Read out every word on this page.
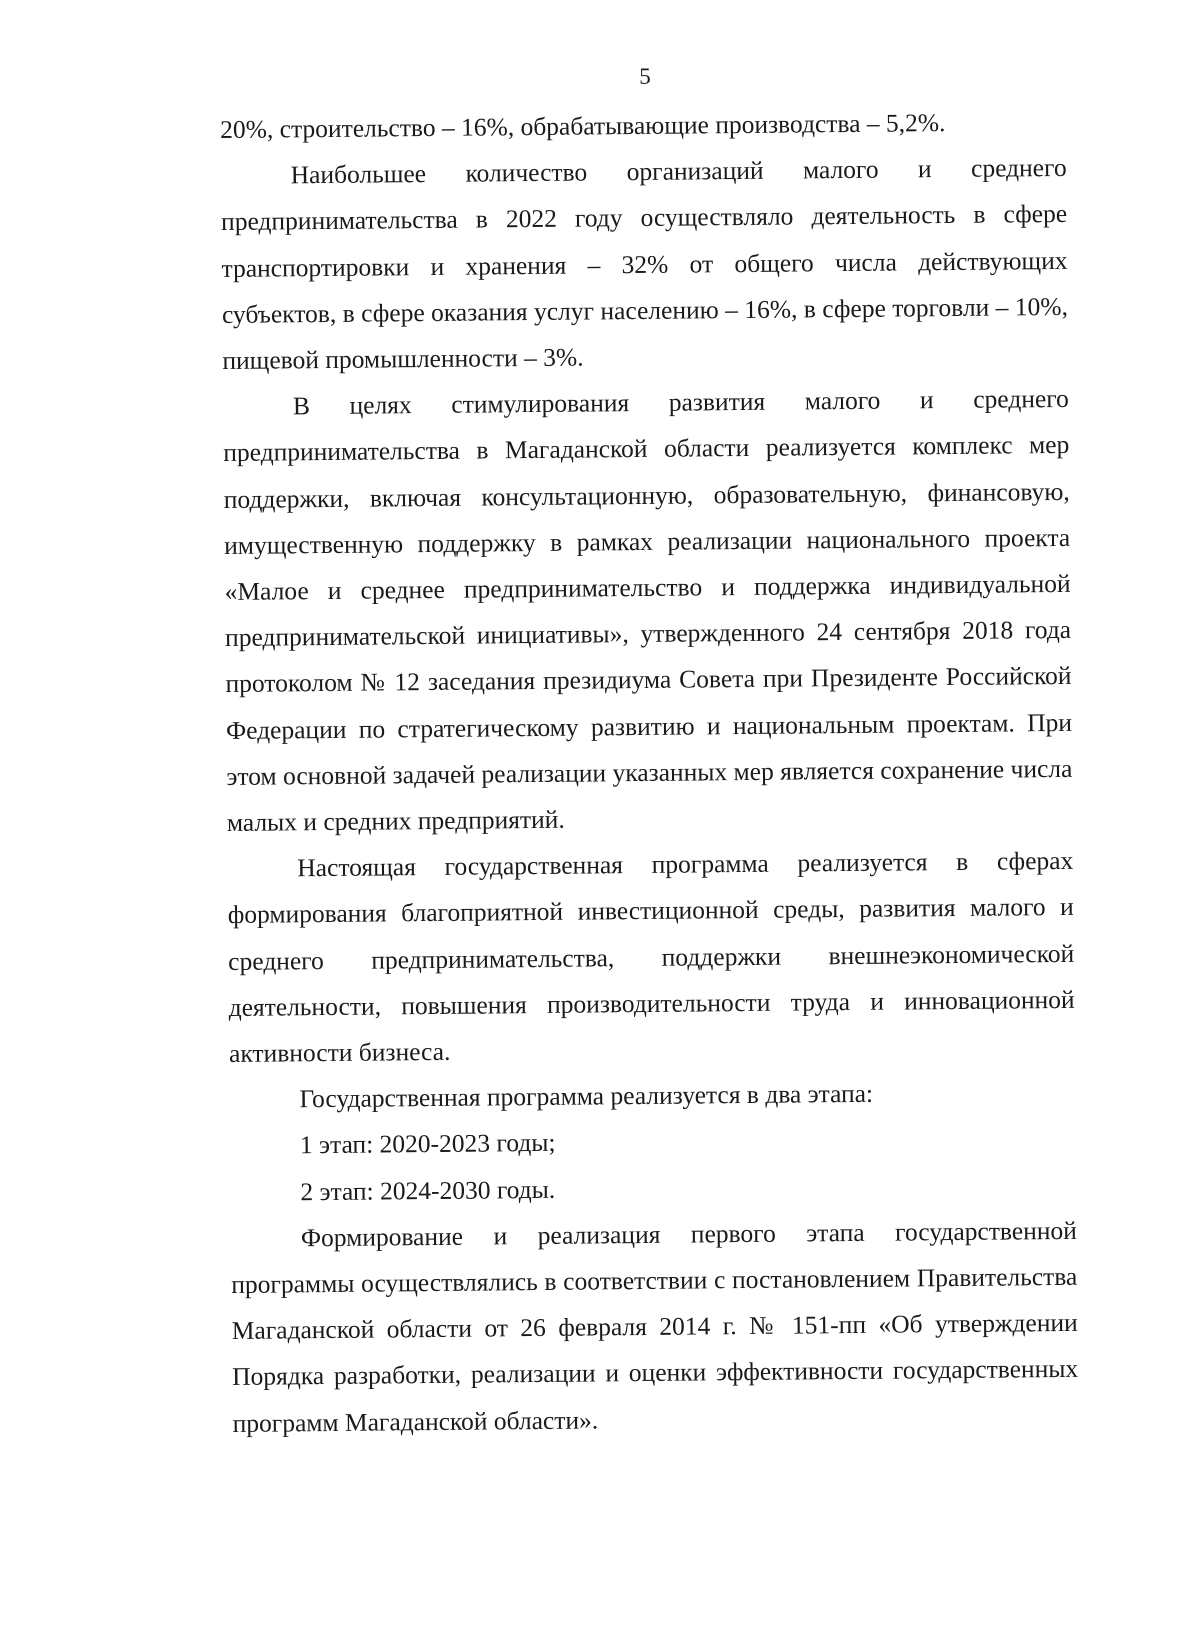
5

20%, строительство – 16%, обрабатывающие производства – 5,2%.

Наибольшее количество организаций малого и среднего предпринимательства в 2022 году осуществляло деятельность в сфере транспортировки и хранения – 32% от общего числа действующих субъектов, в сфере оказания услуг населению – 16%, в сфере торговли – 10%, пищевой промышленности – 3%.

В целях стимулирования развития малого и среднего предпринимательства в Магаданской области реализуется комплекс мер поддержки, включая консультационную, образовательную, финансовую, имущественную поддержку в рамках реализации национального проекта «Малое и среднее предпринимательство и поддержка индивидуальной предпринимательской инициативы», утвержденного 24 сентября 2018 года протоколом № 12 заседания президиума Совета при Президенте Российской Федерации по стратегическому развитию и национальным проектам. При этом основной задачей реализации указанных мер является сохранение числа малых и средних предприятий.

Настоящая государственная программа реализуется в сферах формирования благоприятной инвестиционной среды, развития малого и среднего предпринимательства, поддержки внешнеэкономической деятельности, повышения производительности труда и инновационной активности бизнеса.

Государственная программа реализуется в два этапа:

1 этап: 2020-2023 годы;

2 этап: 2024-2030 годы.

Формирование и реализация первого этапа государственной программы осуществлялись в соответствии с постановлением Правительства Магаданской области от 26 февраля 2014 г. № 151-пп «Об утверждении Порядка разработки, реализации и оценки эффективности государственных программ Магаданской области».
